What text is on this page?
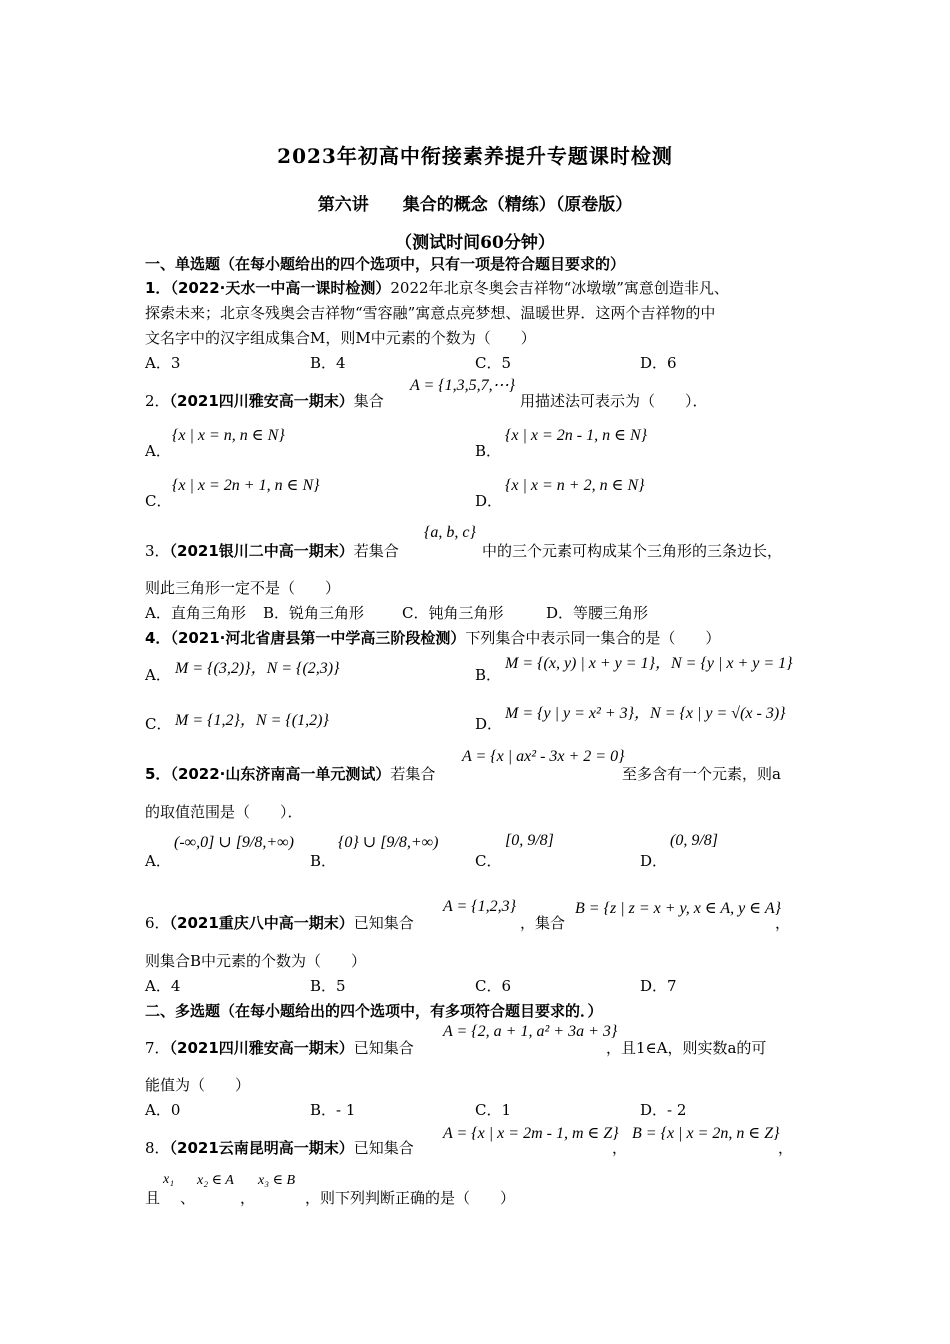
2023年初高中衔接素养提升专题课时检测
第六讲　　集合的概念（精练）（原卷版）
（测试时间60分钟）
一、单选题（在每小题给出的四个选项中，只有一项是符合题目要求的）
1．（2022·天水一中高一课时检测）2022年北京冬奥会吉祥物“冰墩墩”寓意创造非凡、
探索未来；北京冬残奥会吉祥物“雪容融”寓意点亮梦想、温暖世界．这两个吉祥物的中
文名字中的汉字组成集合M，则M中元素的个数为（　　）
A．3	B．4	C．5	D．6
2．（2021四川雅安高一期末）集合
A = {1,3,5,7,⋯}
用描述法可表示为（　　）．
A．
{x | x = n, n ∈ N}
B．
{x | x = 2n - 1, n ∈ N}
C．
{x | x = 2n + 1, n ∈ N}
D．
{x | x = n + 2, n ∈ N}
3．（2021银川二中高一期末）若集合
{a, b, c}
中的三个元素可构成某个三角形的三条边长，
则此三角形一定不是（　　）
A．直角三角形 B．锐角三角形	C．钝角三角形	D．等腰三角形
4．（2021·河北省唐县第一中学高三阶段检测）下列集合中表示同一集合的是（　　）
A． M = {(3,2)}，N = {(2,3)}	B．
M = {(x, y) | x + y = 1}，N = {y | x + y = 1}
C． M = {1,2}，N = {(1,2)}	D．
M = {y | y = x² + 3}，N = {x | y = √(x - 3)}
5．（2022·山东济南高一单元测试）若集合
A = {x | ax² - 3x + 2 = 0}
至多含有一个元素，则a
的取值范围是（　　）．
A．
(-∞,0] ∪ [9/8,+∞)
B．
{0} ∪ [9/8,+∞)
C．
[0, 9/8]
D．
(0, 9/8]
6．（2021重庆八中高一期末）已知集合
A = {1,2,3}
，集合
B = {z | z = x + y, x ∈ A, y ∈ A}
，
则集合B中元素的个数为（　　）
A．4	B．5	C．6	D．7
二、多选题（在每小题给出的四个选项中，有多项符合题目要求的．）
7．（2021四川雅安高一期末）已知集合
A = {2, a + 1, a² + 3a + 3}
，且1∈A，则实数a的可
能值为（　　）
A．0	B．- 1	C．1	D．- 2
8．（2021云南昆明高一期末）已知集合
A = {x | x = 2m - 1, m ∈ Z}
，
B = {x | x = 2n, n ∈ Z}
，
且
x₁
、
x₂ ∈ A
，
x₃ ∈ B
，则下列判断正确的是（　　）
